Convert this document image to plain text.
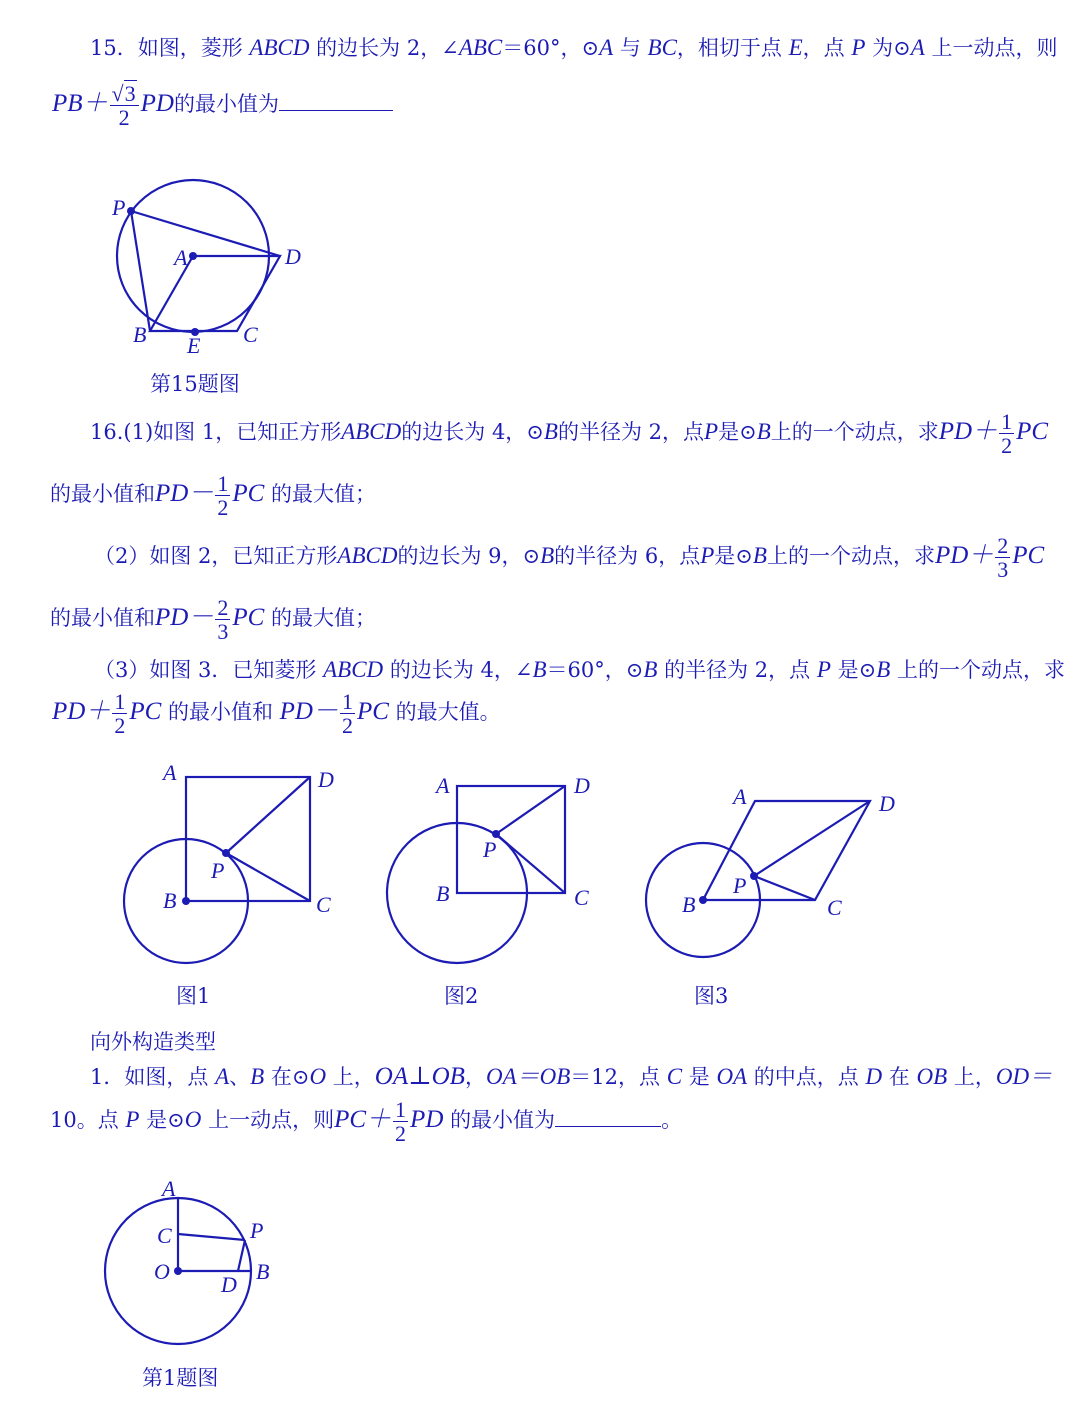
15．如图，菱形 ABCD 的边长为 2，∠ABC＝60°，⊙A 与 BC，相切于点 E，点 P 为⊙A 上一动点，则
$PB+ \frac{√3}{2}$ PD的最小值为
16.(1)如图 1，已知正方形ABCD的边长为 4，⊙B的半径为 2，点P是⊙B上的一个动点，求$PD+ \frac{1}{2}$ PC
的最小值和$PD- \frac{1}{2}$ PC 的最大值；
（2）如图 2，已知正方形ABCD的边长为 9，⊙B的半径为 6，点P是⊙B上的一个动点，求$PD+ \frac{2}{3}$ PC
的最小值和$PD- \frac{2}{3}$ PC 的最大值；
（3）如图 3．已知菱形 ABCD 的边长为 4，∠B＝60°，⊙B 的半径为 2，点 P 是⊙B 上的一个动点，求
$PD+ \frac{1}{2}$ PC 的最小值和 $PD- \frac{1}{2}$ PC 的最大值。
向外构造类型
1．如图，点 A、B 在⊙O 上，OA⊥OB，OA＝OB＝12，点 C 是 OA 的中点，点 D 在 OB 上，OD＝
10。点 P 是⊙O 上一动点，则$PC+ \frac{1}{2}$ PD 的最小值为	。
P
A	D
B E C
A	D
P
B	C
A	D
P
B	C
A	D
P
B	C
A
C	P
O
D
B
第15题图
图1	图2	图3
第1题图
